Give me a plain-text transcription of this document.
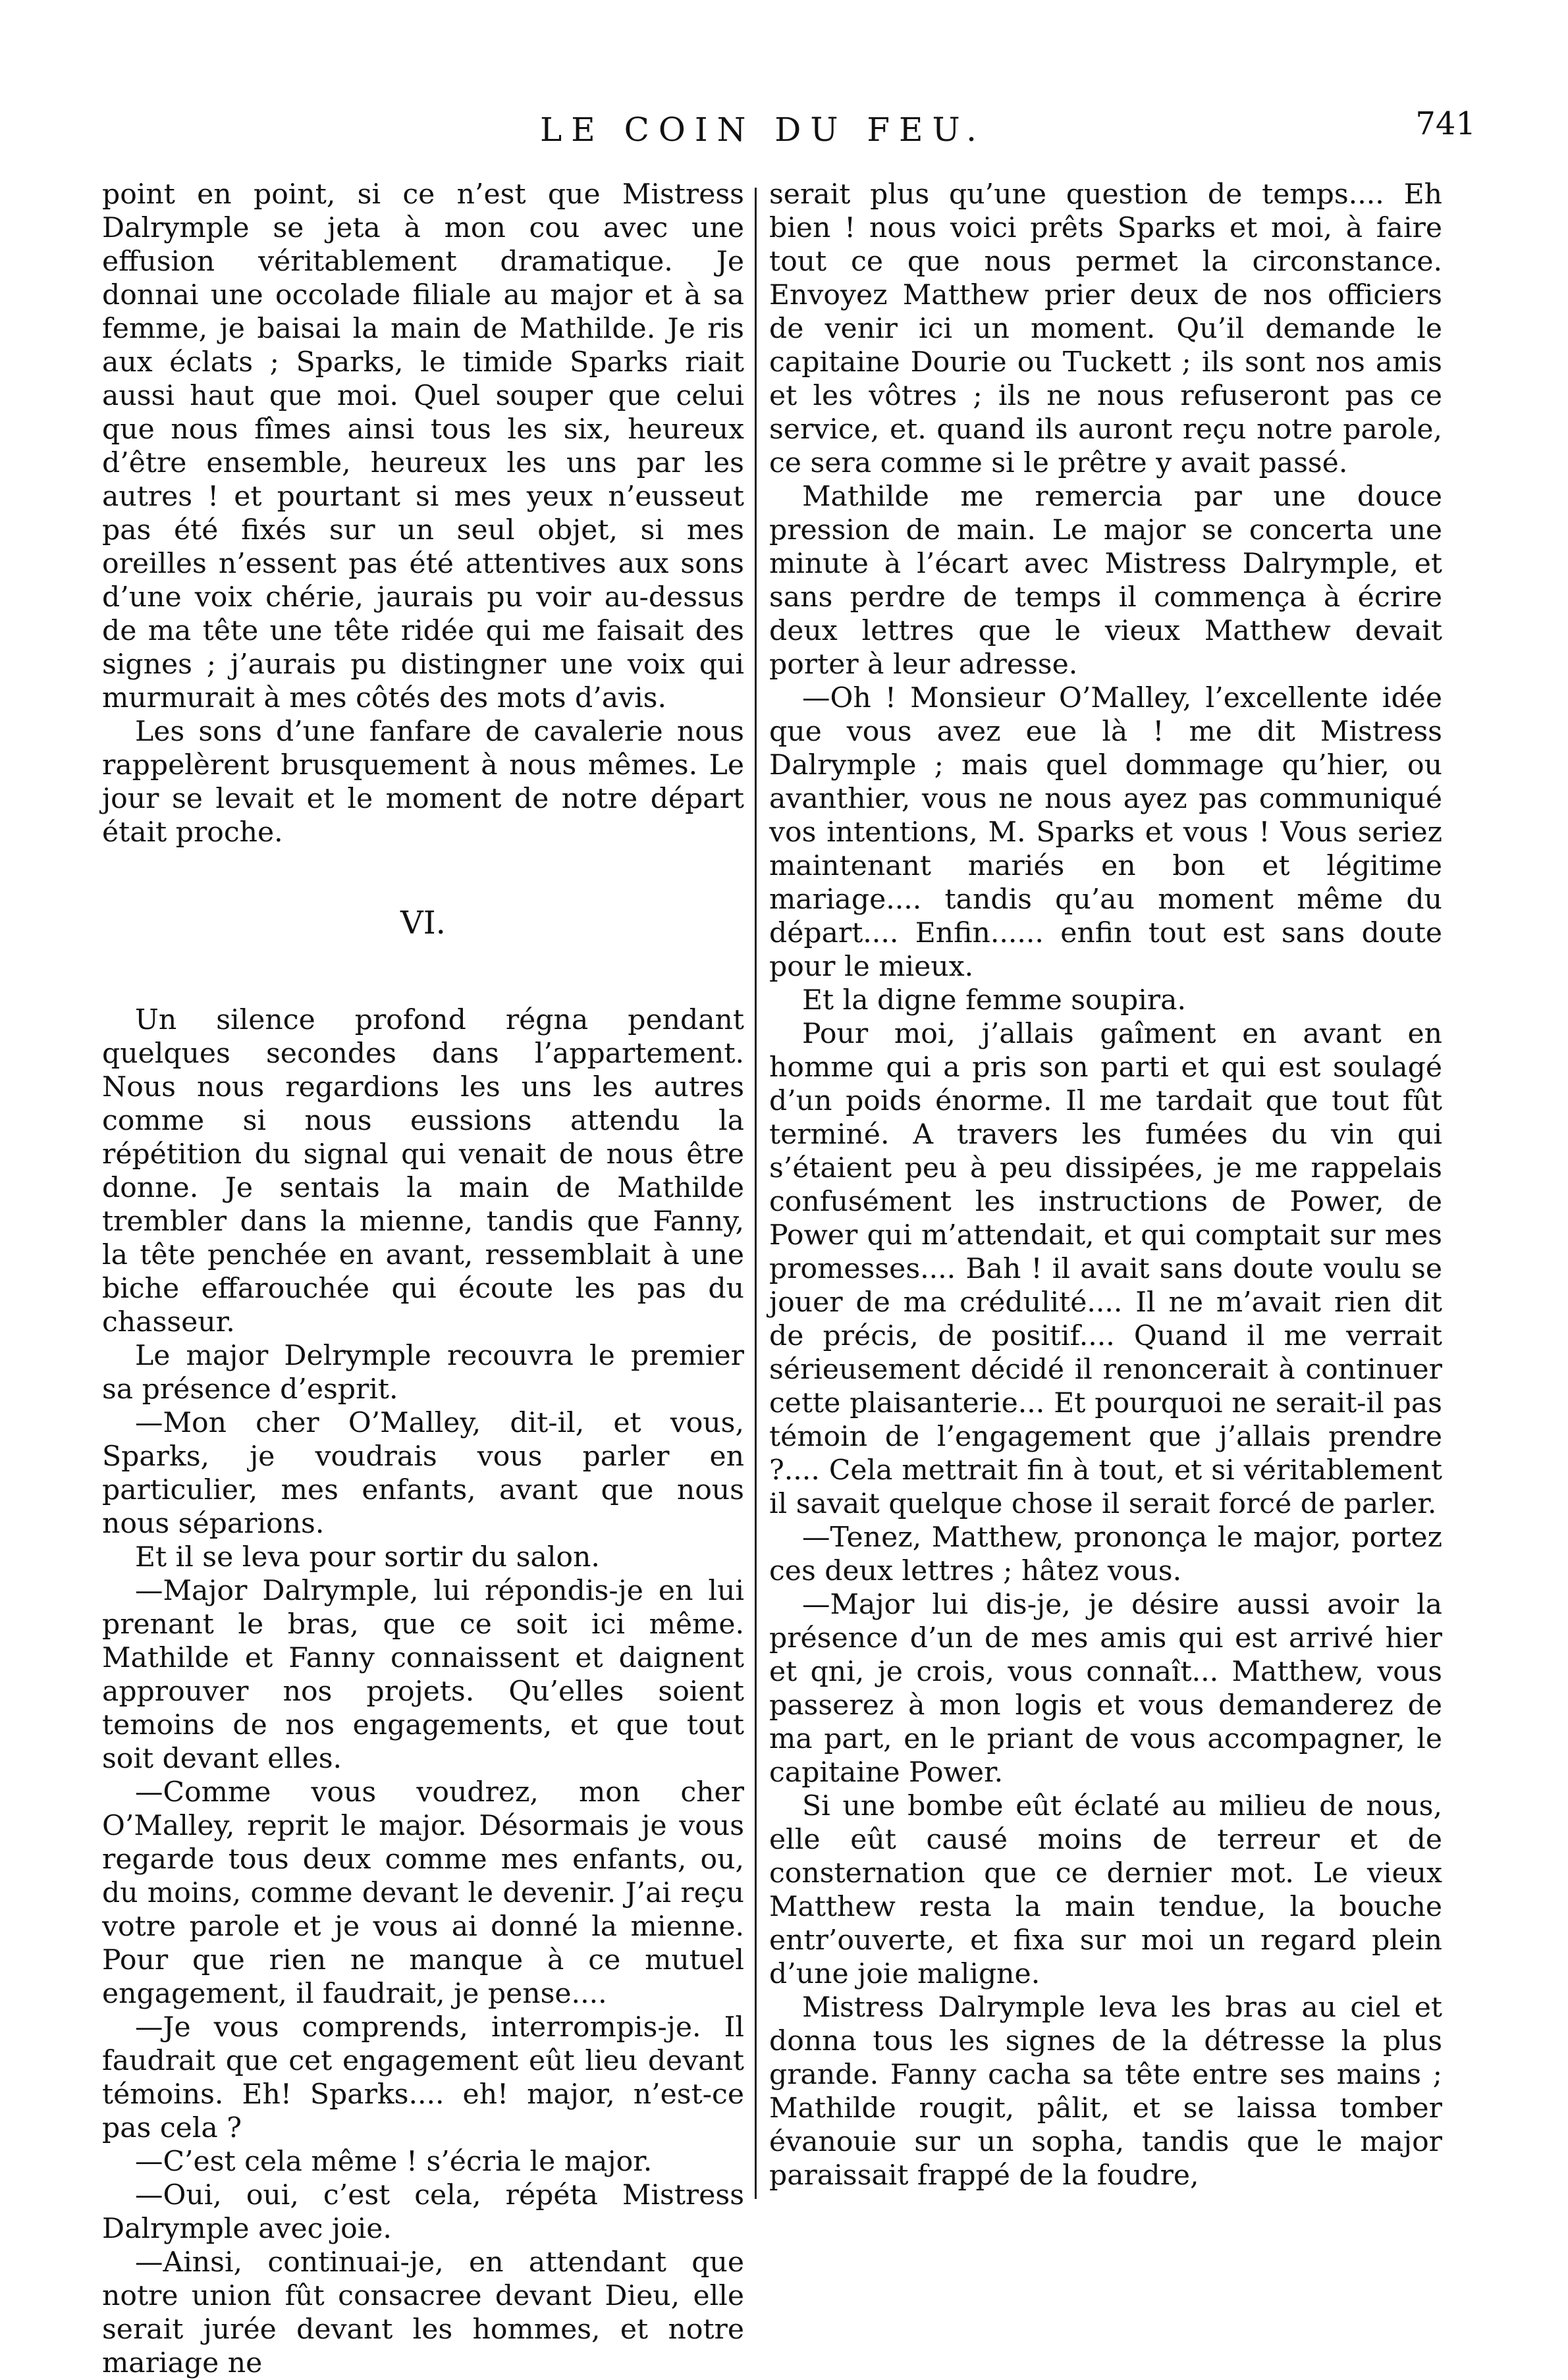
LE COIN DU FEU.	741

point en point, si ce n’est que Mistress Dalrymple se jeta à mon cou avec une effusion véritablement dramatique. Je donnai une occolade filiale au major et à sa femme, je baisai la main de Mathilde. Je ris aux éclats ; Sparks, le timide Sparks riait aussi haut que moi. Quel souper que celui que nous fîmes ainsi tous les six, heureux d’être ensemble, heureux les uns par les autres ! et pourtant si mes yeux n’eusseut pas été fixés sur un seul objet, si mes oreilles n’essent pas été attentives aux sons d’une voix chérie, jaurais pu voir au-dessus de ma tête une tête ridée qui me faisait des signes ; j’aurais pu distingner une voix qui murmurait à mes côtés des mots d’avis.

Les sons d’une fanfare de cavalerie nous rappelèrent brusquement à nous mêmes. Le jour se levait et le moment de notre départ était proche.

VI.

Un silence profond régna pendant quelques secondes dans l’appartement. Nous nous regardions les uns les autres comme si nous eussions attendu la répétition du signal qui venait de nous être donne. Je sentais la main de Mathilde trembler dans la mienne, tandis que Fanny, la tête penchée en avant, ressemblait à une biche effarouchée qui écoute les pas du chasseur.

Le major Delrymple recouvra le premier sa présence d’esprit.

—Mon cher O’Malley, dit-il, et vous, Sparks, je voudrais vous parler en particulier, mes enfants, avant que nous nous séparions.

Et il se leva pour sortir du salon.

—Major Dalrymple, lui répondis-je en lui prenant le bras, que ce soit ici même. Mathilde et Fanny connaissent et daignent approuver nos projets. Qu’elles soient temoins de nos engagements, et que tout soit devant elles.

—Comme vous voudrez, mon cher O’Malley, reprit le major. Désormais je vous regarde tous deux comme mes enfants, ou, du moins, comme devant le devenir. J’ai reçu votre parole et je vous ai donné la mienne. Pour que rien ne manque à ce mutuel engagement, il faudrait, je pense....

—Je vous comprends, interrompis-je. Il faudrait que cet engagement eût lieu devant témoins. Eh! Sparks.... eh! major, n’est-ce pas cela ?

—C’est cela même ! s’écria le major.

—Oui, oui, c’est cela, répéta Mistress Dalrymple avec joie.

—Ainsi, continuai-je, en attendant que notre union fût consacree devant Dieu, elle serait jurée devant les hommes, et notre mariage ne

serait plus qu’une question de temps.... Eh bien ! nous voici prêts Sparks et moi, à faire tout ce que nous permet la circonstance. Envoyez Matthew prier deux de nos officiers de venir ici un moment. Qu’il demande le capitaine Dourie ou Tuckett ; ils sont nos amis et les vôtres ; ils ne nous refuseront pas ce service, et. quand ils auront reçu notre parole, ce sera comme si le prêtre y avait passé.

Mathilde me remercia par une douce pression de main. Le major se concerta une minute à l’écart avec Mistress Dalrymple, et sans perdre de temps il commença à écrire deux lettres que le vieux Matthew devait porter à leur adresse.

—Oh ! Monsieur O’Malley, l’excellente idée que vous avez eue là ! me dit Mistress Dalrymple ; mais quel dommage qu’hier, ou avanthier, vous ne nous ayez pas communiqué vos intentions, M. Sparks et vous ! Vous seriez maintenant mariés en bon et légitime mariage.... tandis qu’au moment même du départ.... Enfin...... enfin tout est sans doute pour le mieux.

Et la digne femme soupira.

Pour moi, j’allais gaîment en avant en homme qui a pris son parti et qui est soulagé d’un poids énorme. Il me tardait que tout fût terminé. A travers les fumées du vin qui s’étaient peu à peu dissipées, je me rappelais confusément les instructions de Power, de Power qui m’attendait, et qui comptait sur mes promesses.... Bah ! il avait sans doute voulu se jouer de ma crédulité.... Il ne m’avait rien dit de précis, de positif.... Quand il me verrait sérieusement décidé il renoncerait à continuer cette plaisanterie... Et pourquoi ne serait-il pas témoin de l’engagement que j’allais prendre ?.... Cela mettrait fin à tout, et si véritablement il savait quelque chose il serait forcé de parler.

—Tenez, Matthew, prononça le major, portez ces deux lettres ; hâtez vous.

—Major lui dis-je, je désire aussi avoir la présence d’un de mes amis qui est arrivé hier et qni, je crois, vous connaît... Matthew, vous passerez à mon logis et vous demanderez de ma part, en le priant de vous accompagner, le capitaine Power.

Si une bombe eût éclaté au milieu de nous, elle eût causé moins de terreur et de consternation que ce dernier mot. Le vieux Matthew resta la main tendue, la bouche entr’ouverte, et fixa sur moi un regard plein d’une joie maligne.

Mistress Dalrymple leva les bras au ciel et donna tous les signes de la détresse la plus grande. Fanny cacha sa tête entre ses mains ; Mathilde rougit, pâlit, et se laissa tomber évanouie sur un sopha, tandis que le major paraissait frappé de la foudre,
